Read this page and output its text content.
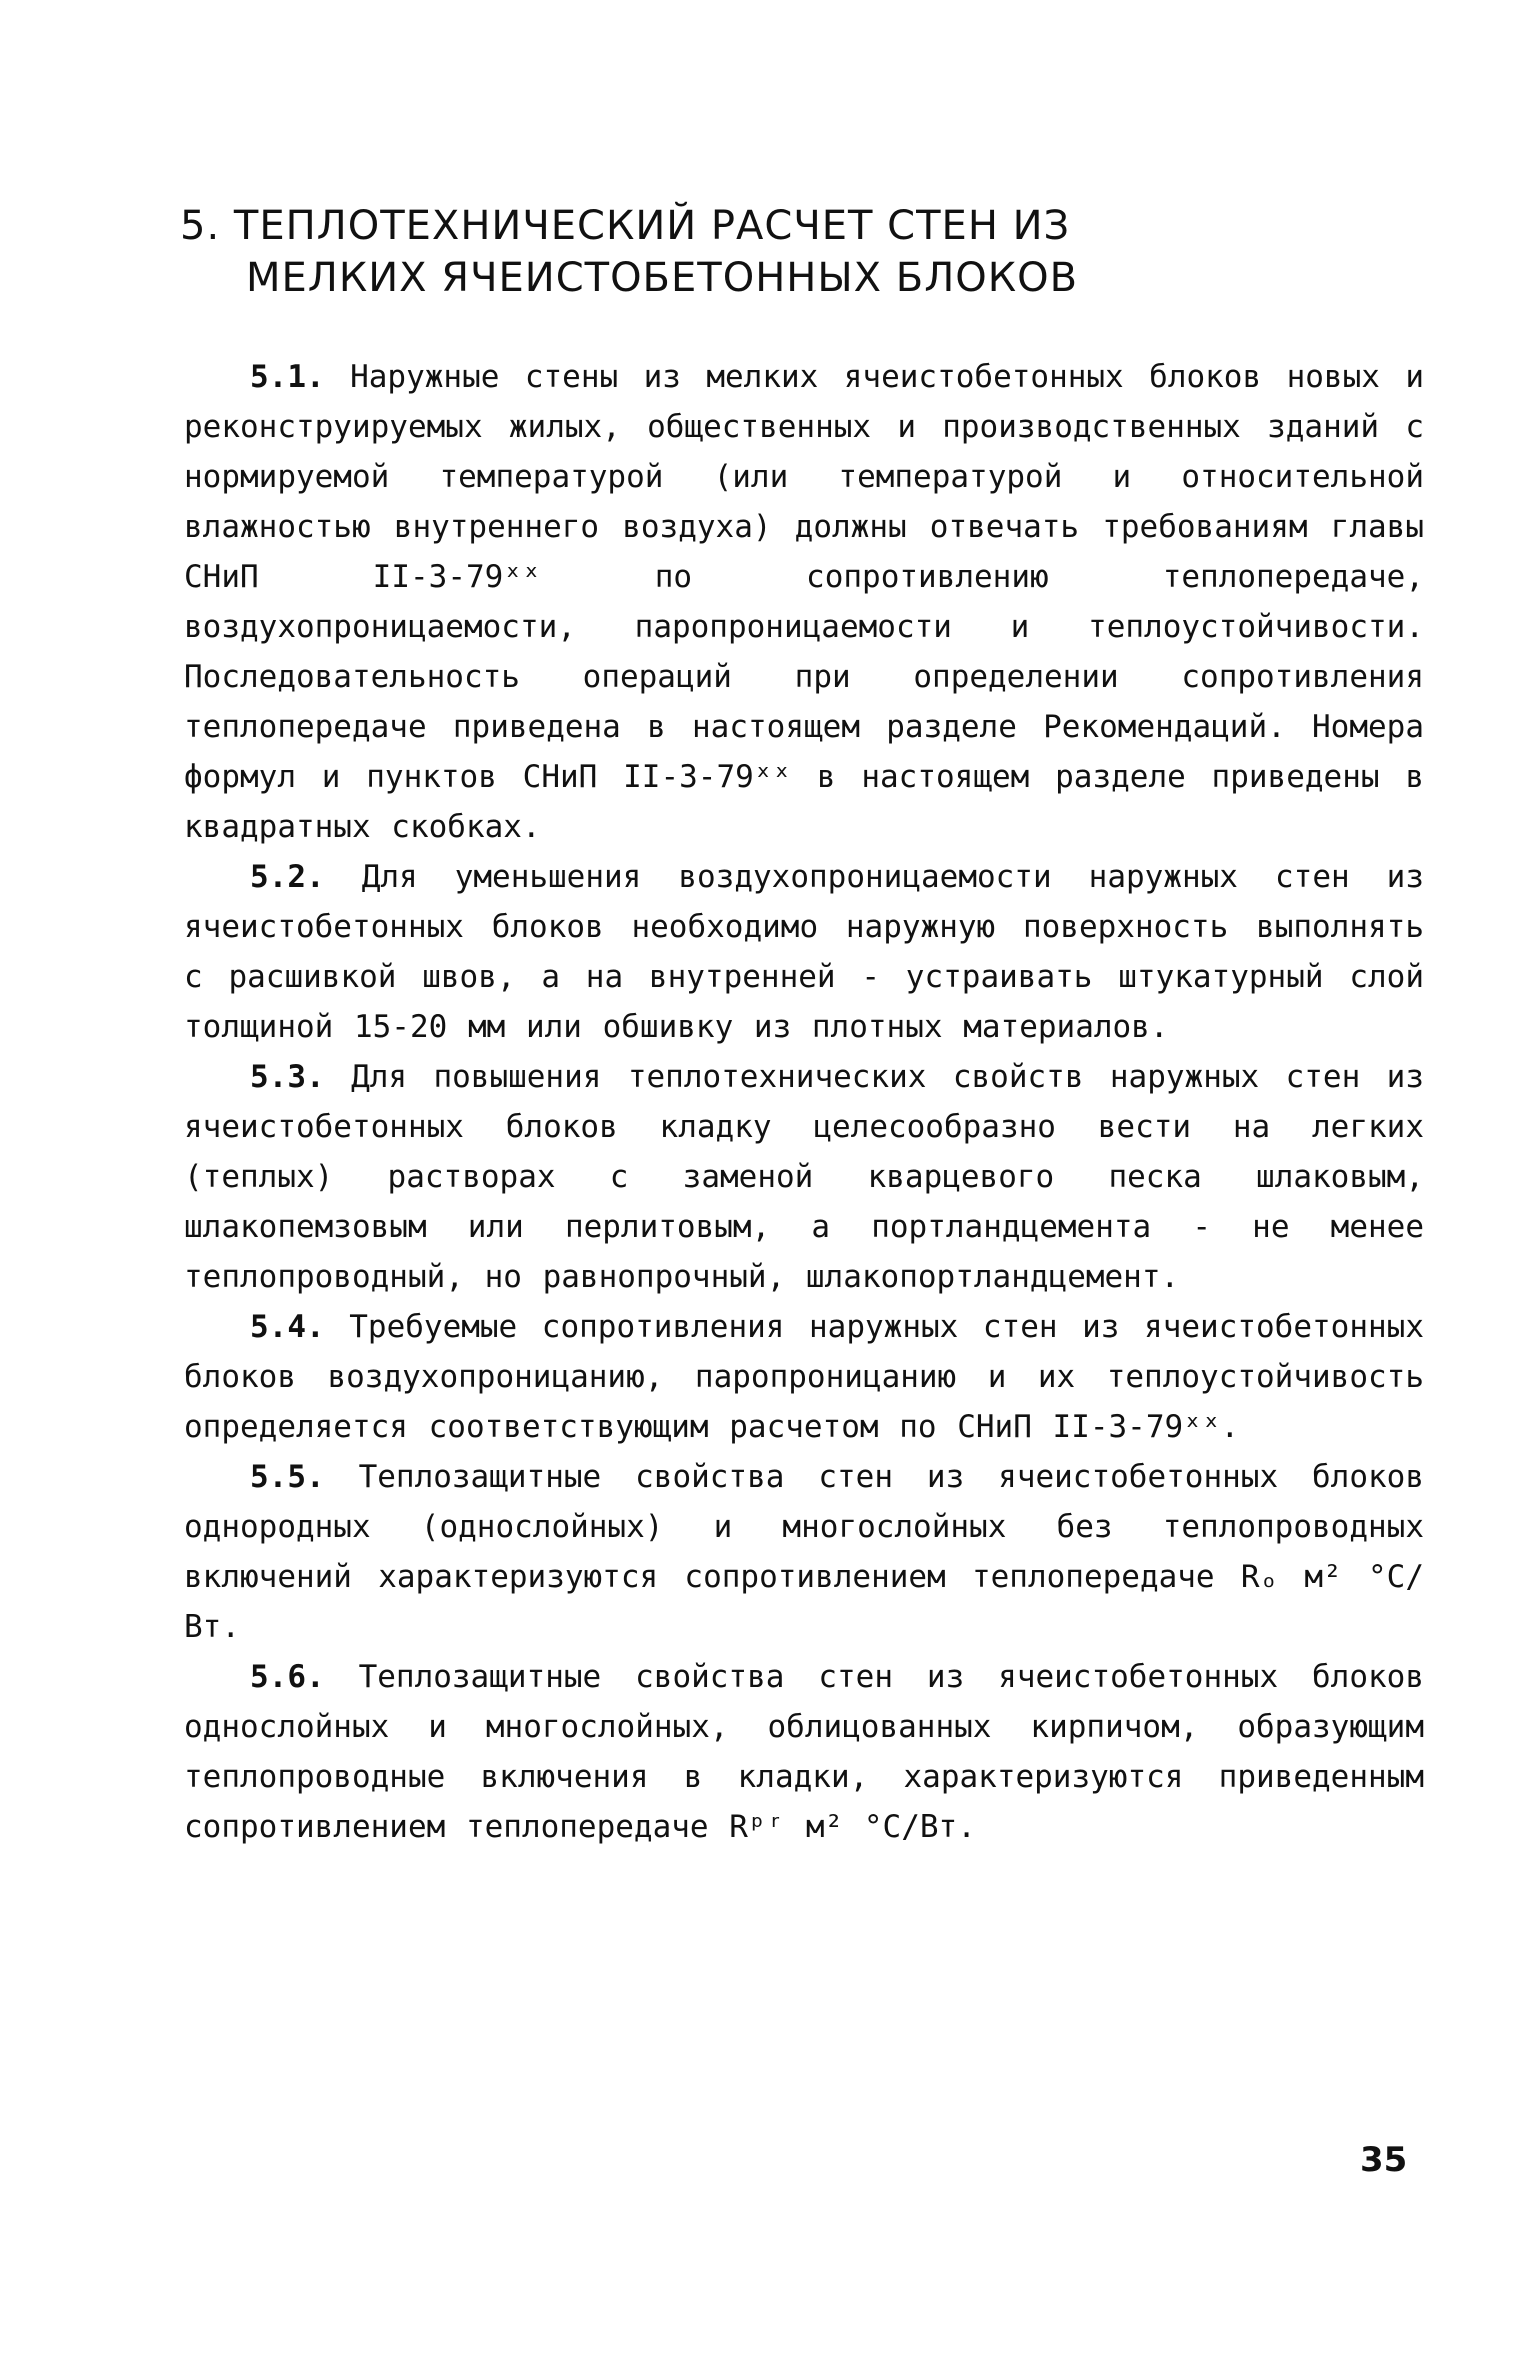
5. ТЕПЛОТЕХНИЧЕСКИЙ РАСЧЕТ СТЕН ИЗ
МЕЛКИХ ЯЧЕИСТОБЕТОННЫХ БЛОКОВ

5.1. Наружные стены из мелких ячеистобетонных блоков новых и реконструируемых жилых, общественных и производственных зданий с нормируемой температурой (или температурой и относительной влажностью внутреннего воздуха) должны отвечать требованиям главы СНиП II-3-79ˣˣ по сопротивлению теплопередаче, воздухопроницаемости, паропроницаемости и теплоустойчивости. Последовательность операций при определении сопротивления теплопередаче приведена в настоящем разделе Рекомендаций. Номера формул и пунктов СНиП II-3-79ˣˣ в настоящем разделе приведены в квадратных скобках.

5.2. Для уменьшения воздухопроницаемости наружных стен из ячеистобетонных блоков необходимо наружную поверхность выполнять с расшивкой швов, а на внутренней - устраивать штукатурный слой толщиной 15-20 мм или обшивку из плотных материалов.

5.3. Для повышения теплотехнических свойств наружных стен из ячеистобетонных блоков кладку целесообразно вести на легких (теплых) растворах с заменой кварцевого песка шлаковым, шлакопемзовым или перлитовым, а портландцемента - не менее теплопроводный, но равнопрочный, шлакопортландцемент.

5.4. Требуемые сопротивления наружных стен из ячеистобетонных блоков воздухопроницанию, паропроницанию и их теплоустойчивость определяется соответствующим расчетом по СНиП II-3-79ˣˣ.

5.5. Теплозащитные свойства стен из ячеистобетонных блоков однородных (однослойных) и многослойных без теплопроводных включений характеризуются сопротивлением теплопередаче Rₒ м² °С/Вт.

5.6. Теплозащитные свойства стен из ячеистобетонных блоков однослойных и многослойных, облицованных кирпичом, образующим теплопроводные включения в кладки, характеризуются приведенным сопротивлением теплопередаче Rᵖʳ м² °С/Вт.

35
